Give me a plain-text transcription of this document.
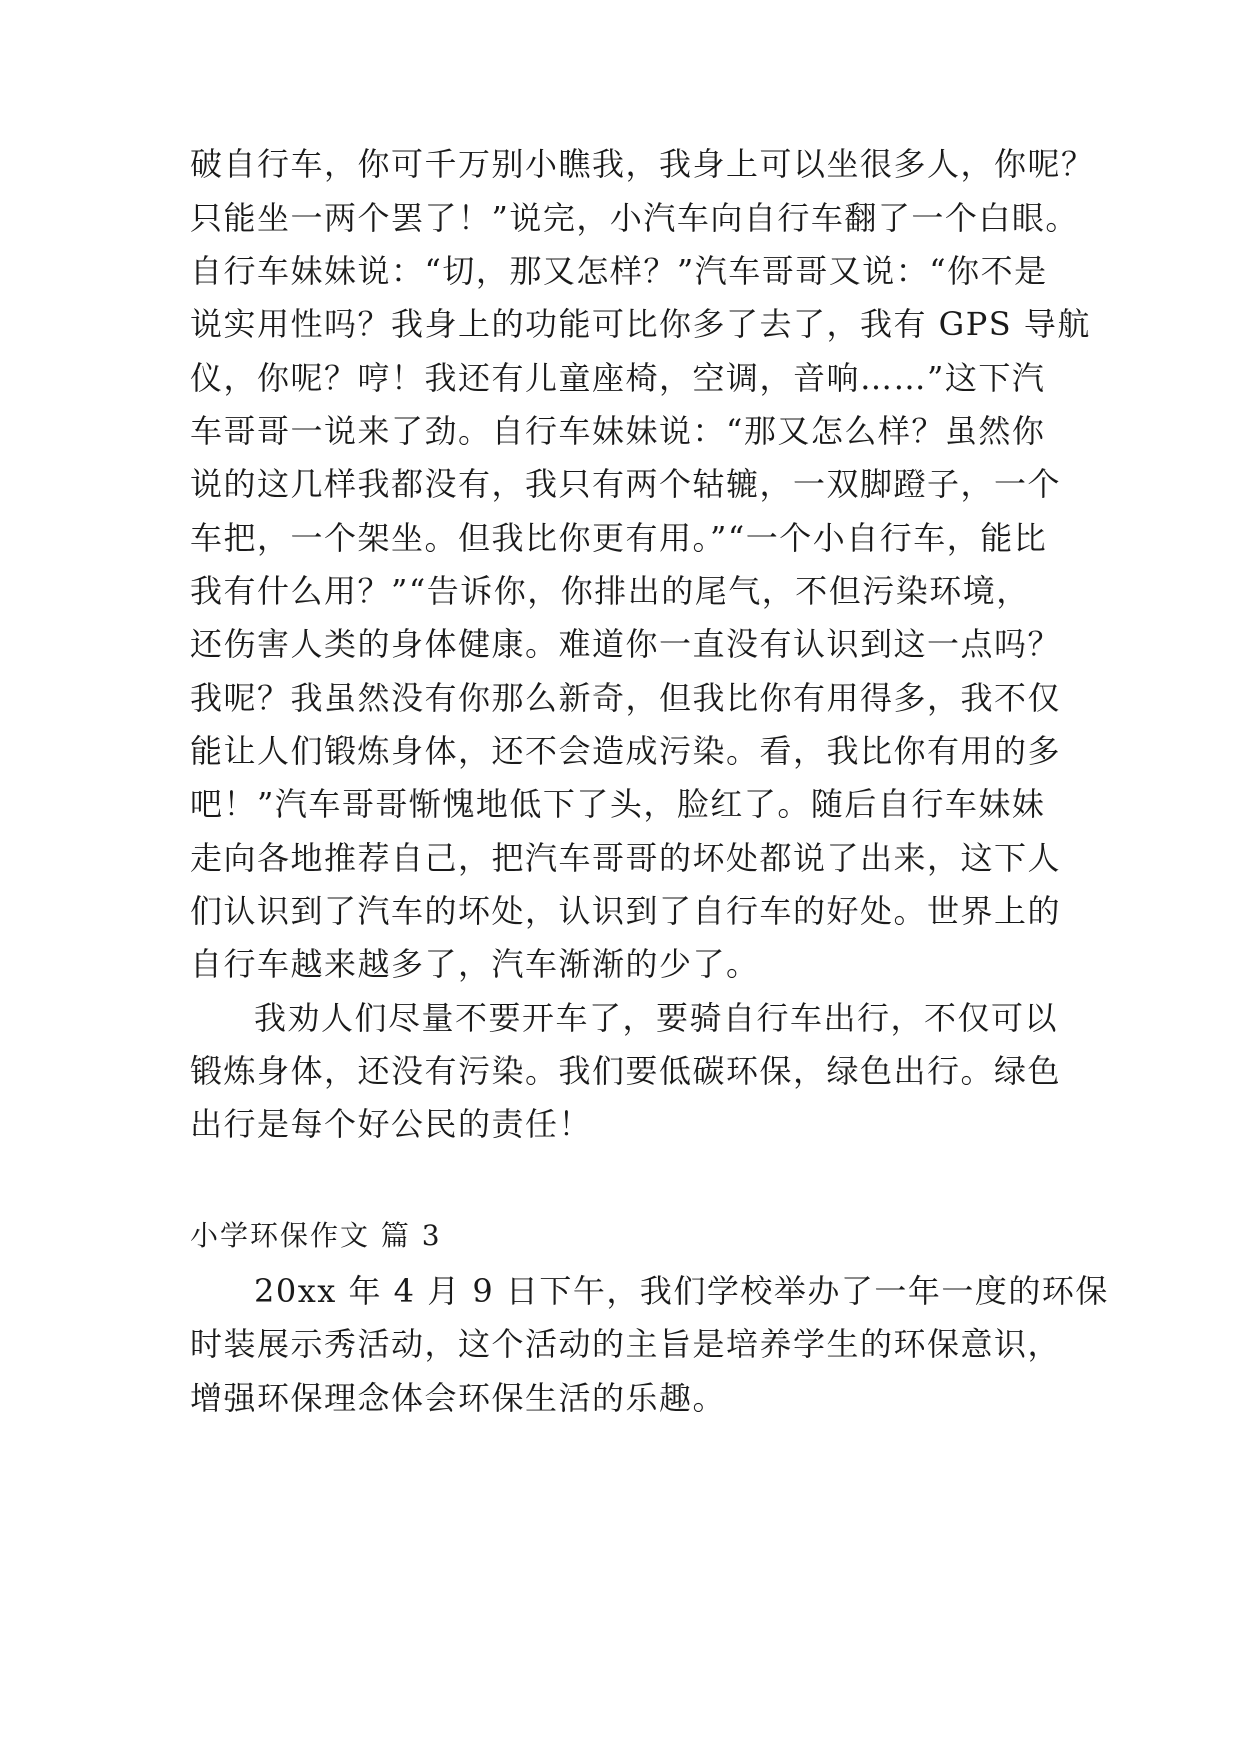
破自行车，你可千万别小瞧我，我身上可以坐很多人，你呢？
只能坐一两个罢了！”说完，小汽车向自行车翻了一个白眼。
自行车妹妹说：“切，那又怎样？”汽车哥哥又说：“你不是
说实用性吗？我身上的功能可比你多了去了，我有 GPS 导航
仪，你呢？哼！我还有儿童座椅，空调，音响……”这下汽
车哥哥一说来了劲。自行车妹妹说：“那又怎么样？虽然你
说的这几样我都没有，我只有两个轱辘，一双脚蹬子，一个
车把，一个架坐。但我比你更有用。”“一个小自行车，能比
我有什么用？”“告诉你，你排出的尾气，不但污染环境，
还伤害人类的身体健康。难道你一直没有认识到这一点吗？
我呢？我虽然没有你那么新奇，但我比你有用得多，我不仅
能让人们锻炼身体，还不会造成污染。看，我比你有用的多
吧！”汽车哥哥惭愧地低下了头，脸红了。随后自行车妹妹
走向各地推荐自己，把汽车哥哥的坏处都说了出来，这下人
们认识到了汽车的坏处，认识到了自行车的好处。世界上的
自行车越来越多了，汽车渐渐的少了。
我劝人们尽量不要开车了，要骑自行车出行，不仅可以
锻炼身体，还没有污染。我们要低碳环保，绿色出行。绿色
出行是每个好公民的责任！
小学环保作文 篇 3
20xx 年 4 月 9 日下午，我们学校举办了一年一度的环保
时装展示秀活动，这个活动的主旨是培养学生的环保意识，
增强环保理念体会环保生活的乐趣。
